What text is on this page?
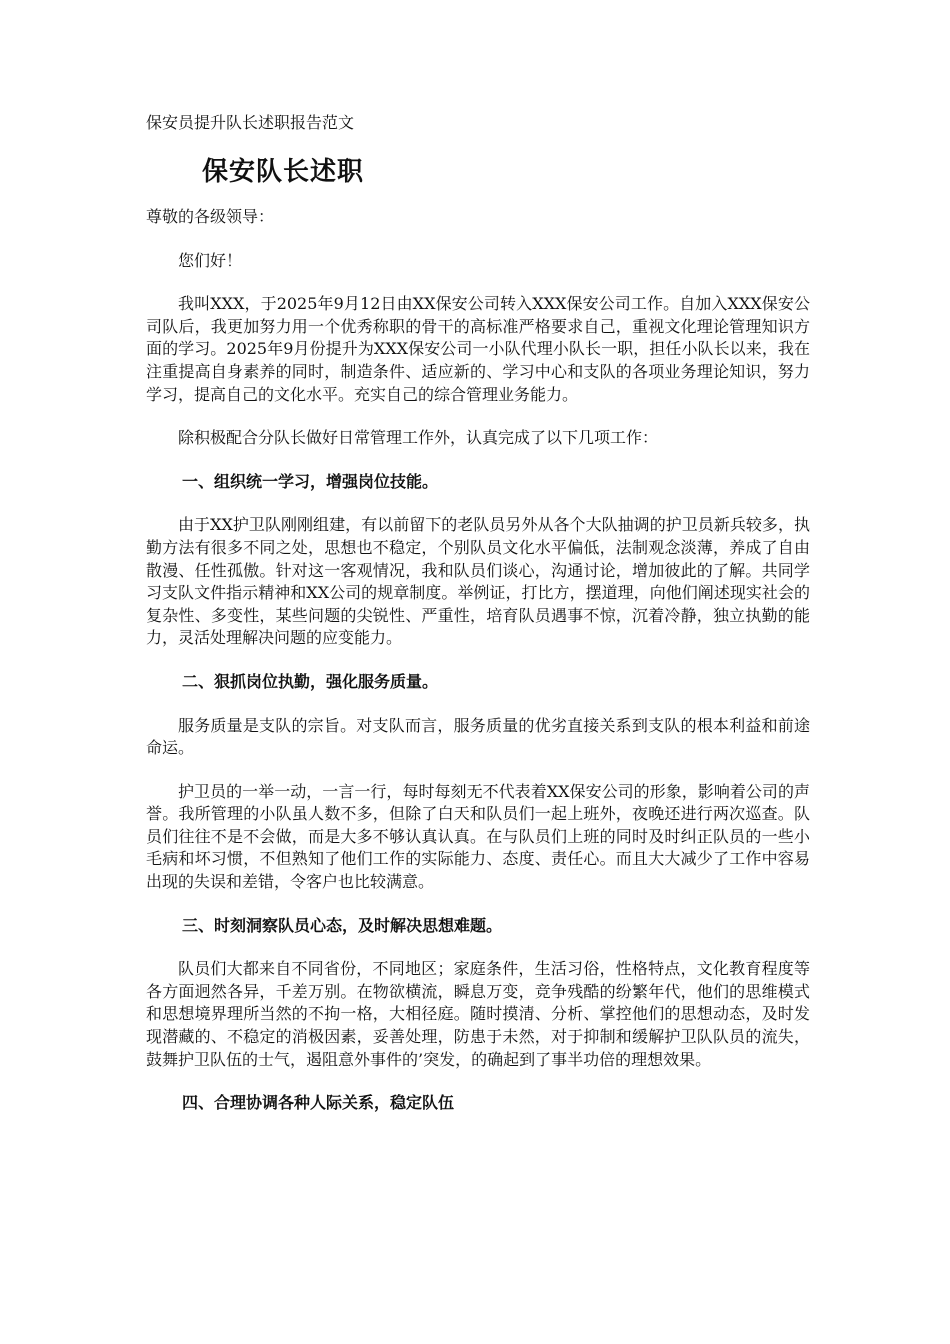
保安员提升队长述职报告范文
保安队长述职

尊敬的各级领导：

您们好！

我叫XXX，于2025年9月12日由XX保安公司转入XXX保安公司工作。自加入XXX保安公司队后，我更加努力用一个优秀称职的骨干的高标准严格要求自己，重视文化理论管理知识方面的学习。2025年9月份提升为XXX保安公司一小队代理小队长一职，担任小队长以来，我在注重提高自身素养的同时，制造条件、适应新的、学习中心和支队的各项业务理论知识，努力学习，提高自己的文化水平。充实自己的综合管理业务能力。

除积极配合分队长做好日常管理工作外，认真完成了以下几项工作：

一、组织统一学习，增强岗位技能。

由于XX护卫队刚刚组建，有以前留下的老队员另外从各个大队抽调的护卫员新兵较多，执勤方法有很多不同之处，思想也不稳定，个别队员文化水平偏低，法制观念淡薄，养成了自由散漫、任性孤傲。针对这一客观情况，我和队员们谈心，沟通讨论，增加彼此的了解。共同学习支队文件指示精神和XX公司的规章制度。举例证，打比方，摆道理，向他们阐述现实社会的复杂性、多变性，某些问题的尖锐性、严重性，培育队员遇事不惊，沉着冷静，独立执勤的能力，灵活处理解决问题的应变能力。

二、狠抓岗位执勤，强化服务质量。

服务质量是支队的宗旨。对支队而言，服务质量的优劣直接关系到支队的根本利益和前途命运。

护卫员的一举一动，一言一行，每时每刻无不代表着XX保安公司的形象，影响着公司的声誉。我所管理的小队虽人数不多，但除了白天和队员们一起上班外，夜晚还进行两次巡查。队员们往往不是不会做，而是大多不够认真认真。在与队员们上班的同时及时纠正队员的一些小毛病和坏习惯，不但熟知了他们工作的实际能力、态度、责任心。而且大大减少了工作中容易出现的失误和差错，令客户也比较满意。

三、时刻洞察队员心态，及时解决思想难题。

队员们大都来自不同省份，不同地区；家庭条件，生活习俗，性格特点，文化教育程度等各方面迥然各异，千差万别。在物欲横流，瞬息万变，竞争残酷的纷繁年代，他们的思维模式和思想境界理所当然的不拘一格，大相径庭。随时摸清、分析、掌控他们的思想动态，及时发现潜藏的、不稳定的消极因素，妥善处理，防患于未然，对于抑制和缓解护卫队队员的流失，鼓舞护卫队伍的士气，遏阻意外事件的’突发，的确起到了事半功倍的理想效果。

四、合理协调各种人际关系，稳定队伍
